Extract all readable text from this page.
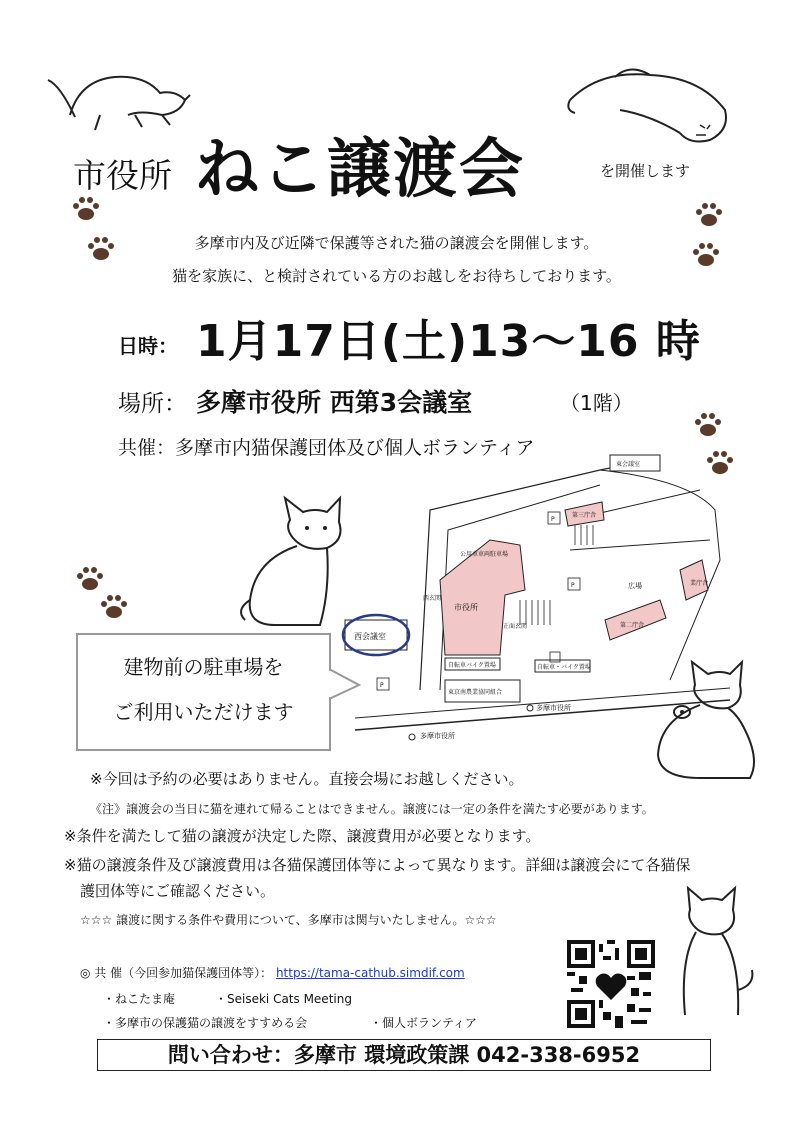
市役所 ねこ譲渡会	を開催します
多摩市内及び近隣で保護等された猫の譲渡会を開催します。
猫を家族に、と検討されている方のお越しをお待ちしております。
日時： 1月17日(土)13～16 時
場所： 多摩市役所 西第3会議室	（1階）
共催：多摩市内猫保護団体及び個人ボランティア
東会議室
西会議室
市役所
正面玄関
西玄関
広場
第二庁舎
第三庁舎
業庁舎
公用車車両駐車場
東京南農業協同組合
自転車バイク置場	自転車・バイク置場
P
P
P
多摩市役所
多摩市役所
建物前の駐車場を
ご利用いただけます
※今回は予約の必要はありません。直接会場にお越しください。
《注》譲渡会の当日に猫を連れて帰ることはできません。譲渡には一定の条件を満たす必要があります。
※条件を満たして猫の譲渡が決定した際、譲渡費用が必要となります。
※猫の譲渡条件及び譲渡費用は各猫保護団体等によって異なります。詳細は譲渡会にて各猫保
護団体等にご確認ください。
☆☆☆ 譲渡に関する条件や費用について、多摩市は関与いたしません。☆☆☆
◎ 共 催（今回参加猫保護団体等）： https://tama-cathub.simdif.com
・ねこたま庵	・Seiseki Cats Meeting
・多摩市の保護猫の譲渡をすすめる会	・個人ボランティア
問い合わせ：多摩市 環境政策課 042-338-6952
